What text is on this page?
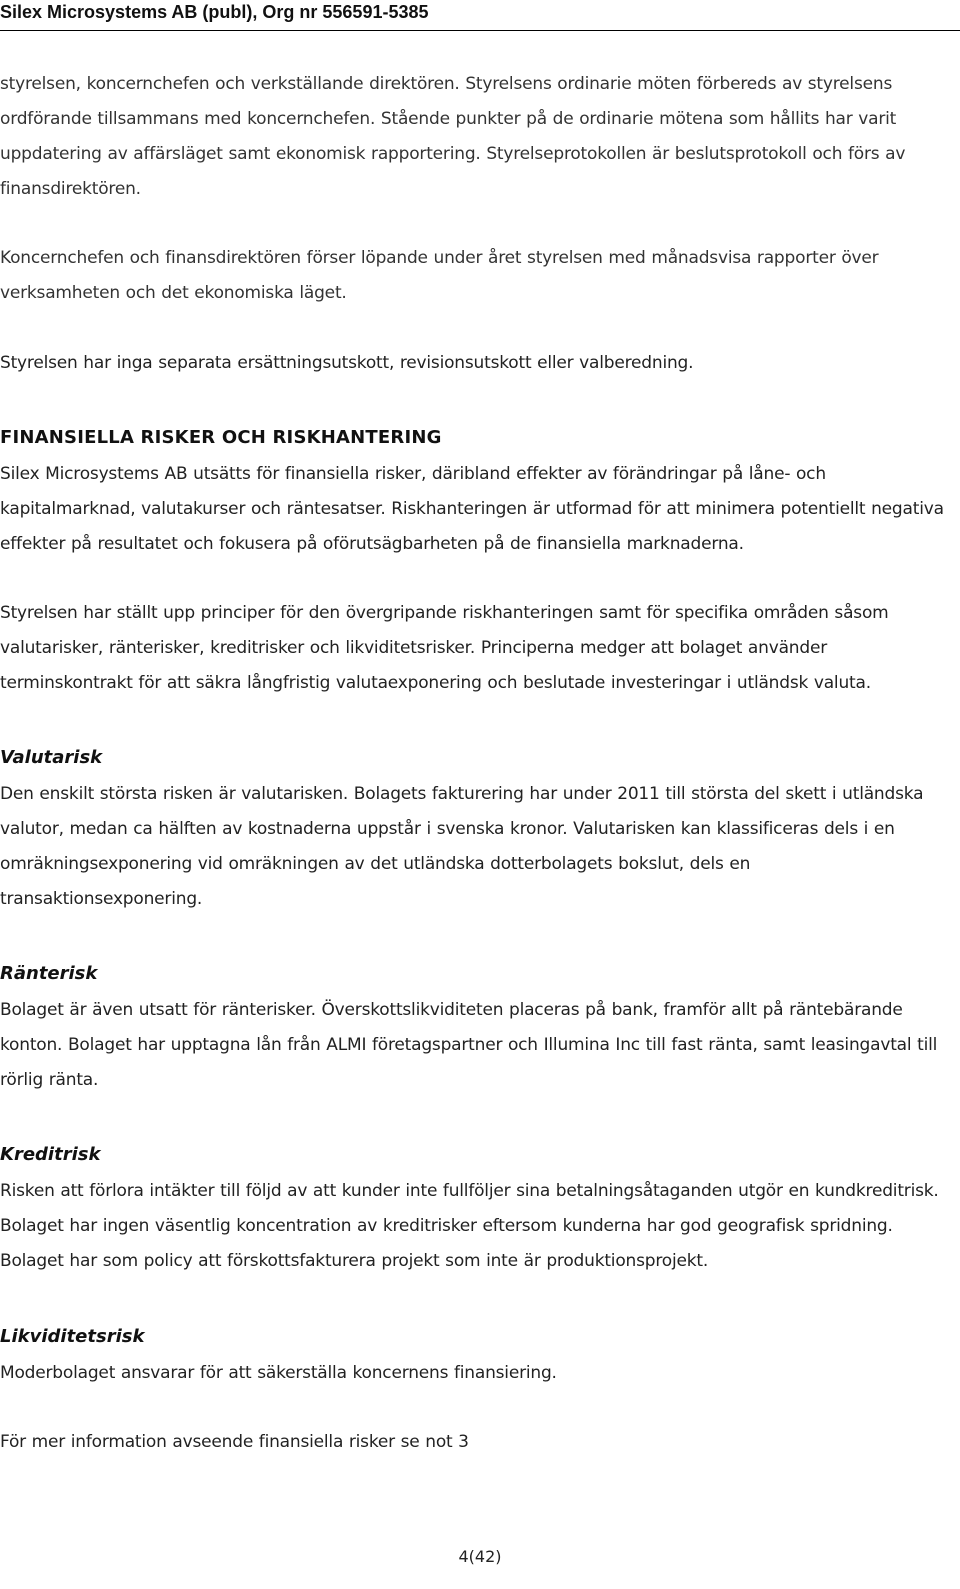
Silex Microsystems AB (publ), Org nr 556591-5385

styrelsen, koncernchefen och verkställande direktören. Styrelsens ordinarie möten förbereds av styrelsens ordförande tillsammans med koncernchefen. Stående punkter på de ordinarie mötena som hållits har varit uppdatering av affärsläget samt ekonomisk rapportering. Styrelseprotokollen är beslutsprotokoll och förs av finansdirektören.

Koncernchefen och finansdirektören förser löpande under året styrelsen med månadsvisa rapporter över verksamheten och det ekonomiska läget.

Styrelsen har inga separata ersättningsutskott, revisionsutskott eller valberedning.

FINANSIELLA RISKER OCH RISKHANTERING

Silex Microsystems AB utsätts för finansiella risker, däribland effekter av förändringar på låne- och kapitalmarknad, valutakurser och räntesatser. Riskhanteringen är utformad för att minimera potentiellt negativa effekter på resultatet och fokusera på oförutsägbarheten på de finansiella marknaderna.

Styrelsen har ställt upp principer för den övergripande riskhanteringen samt för specifika områden såsom valutarisker, ränterisker, kreditrisker och likviditetsrisker. Principerna medger att bolaget använder terminskontrakt för att säkra långfristig valutaexponering och beslutade investeringar i utländsk valuta.

Valutarisk

Den enskilt största risken är valutarisken. Bolagets fakturering har under 2011 till största del skett i utländska valutor, medan ca hälften av kostnaderna uppstår i svenska kronor. Valutarisken kan klassificeras dels i en omräkningsexponering vid omräkningen av det utländska dotterbolagets bokslut, dels en transaktionsexponering.

Ränterisk

Bolaget är även utsatt för ränterisker. Överskottslikviditeten placeras på bank, framför allt på räntebärande konton. Bolaget har upptagna lån från ALMI företagspartner och Illumina Inc till fast ränta, samt leasingavtal till rörlig ränta.

Kreditrisk

Risken att förlora intäkter till följd av att kunder inte fullföljer sina betalningsåtaganden utgör en kundkreditrisk. Bolaget har ingen väsentlig koncentration av kreditrisker eftersom kunderna har god geografisk spridning. Bolaget har som policy att förskottsfakturera projekt som inte är produktionsprojekt.

Likviditetsrisk

Moderbolaget ansvarar för att säkerställa koncernens finansiering.

För mer information avseende finansiella risker se not 3

4(42)
